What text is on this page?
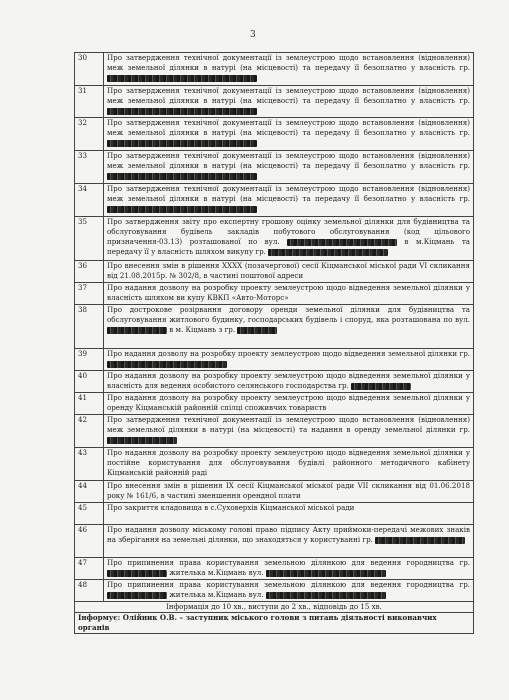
3
30	Про затвердження технічної документації із землеустрою щодо встановлення (відновлення) меж земельної ділянки в натурі (на місцевості) та передачу її безоплатно у власність гр.
31	Про затвердження технічної документації із землеустрою щодо встановлення (відновлення) меж земельної ділянки в натурі (на місцевості) та передачу її безоплатно у власність гр.
32	Про затвердження технічної документації із землеустрою щодо встановлення (відновлення) меж земельної ділянки в натурі (на місцевості) та передачу її безоплатно у власність гр.
33	Про затвердження технічної документації із землеустрою щодо встановлення (відновлення) меж земельної ділянки в натурі (на місцевості) та передачу її безоплатно у власність гр.
34	Про затвердження технічної документації із землеустрою щодо встановлення (відновлення) меж земельної ділянки в натурі (на місцевості) та передачу її безоплатно у власність гр.
35	Про затвердження звіту про експертну грошову оцінку земельної ділянки для будівництва та обслуговування будівель закладів побутового обслуговування (код цільового призначення-03.13) розташованої по вул. в м.Кіцмань та передачу її у власність шляхом викупу гр.
36	Про внесення змін в рішення ХХХХ (позачергової) сесії Кіцманської міської ради VI скликання від 21.08.2015р. № 302/8, в частині поштової адреси
37	Про надання дозволу на розробку проекту землеустрою щодо відведення земельної ділянки у власність шляхом ви купу КВКП «Авто-Моторс»
38	Про дострокове розірвання договору оренди земельної ділянки для будівництва та обслуговування житлового будинку, господарських будівель і споруд, яка розташована по вул.  в м. Кіцмань з гр.
39	Про надання дозволу на розробку проекту землеустрою щодо відведення земельної ділянки гр.
40	Про надання дозволу на розробку проекту землеустрою щодо відведення земельної ділянки у власність для ведення особистого селянського господарства гр.
41	Про надання дозволу на розробку проекту землеустрою щодо відведення земельної ділянки у оренду Кіцманській районній спілці споживчих товариств
42	Про затвердження технічної документації із землеустрою щодо встановлення (відновлення) меж земельної ділянки в натурі (на місцевості) та надання в оренду земельної ділянки гр.
43	Про надання дозволу на розробку проекту землеустрою щодо відведення земельної ділянки у постійне користування для обслуговування будівлі районного методичного кабінету Кіцманській районній раді
44	Про внесення змін в рішення ІХ сесії Кіцманської міської ради VII скликання від 01.06.2018 року № 161/6, в частині зменшення орендної плати
45	Про закриття кладовища в с.Суховерхів Кіцманської міської ради
46	Про надання дозволу міському голові право підпису Акту приймоки-передачі межових знаків на зберігання на земельні ділянки, що знаходяться у користуванні гр.
47	Про припинення права користування земельною ділянкою для ведення городництва гр.  жителька м.Кіцмань вул.
48	Про припинення права користування земельною ділянкою для ведення городництва гр.  жителька м.Кіцмань вул.
Інформація до 10 хв., виступи до 2 хв., відповідь до 15 хв.	
Інформує: Олійник О.В. – заступник міського голови з питань діяльності виконавчих органів	
